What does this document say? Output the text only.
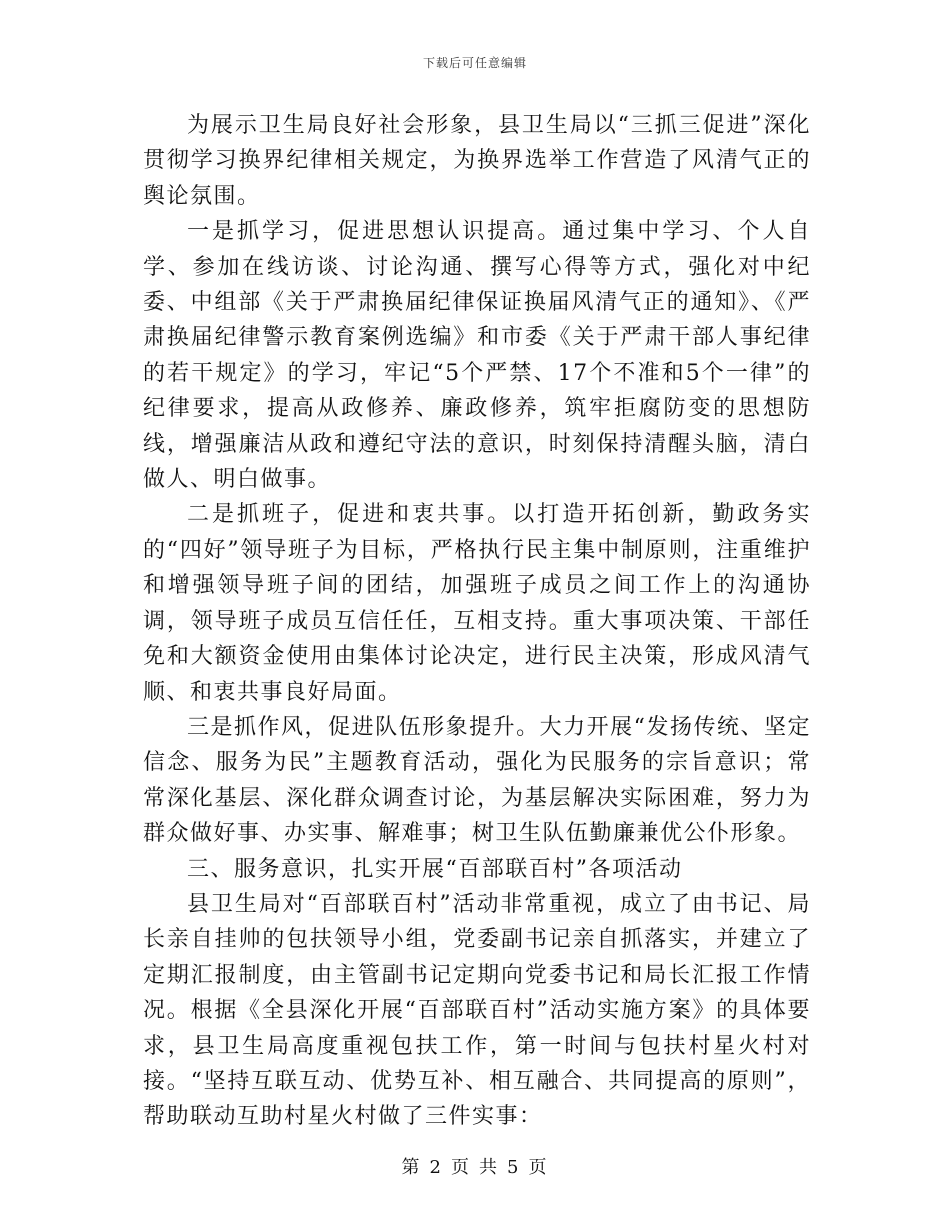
下载后可任意编辑

为展示卫生局良好社会形象，县卫生局以“三抓三促进”深化贯彻学习换界纪律相关规定，为换界选举工作营造了风清气正的舆论氛围。

一是抓学习，促进思想认识提高。通过集中学习、个人自学、参加在线访谈、讨论沟通、撰写心得等方式，强化对中纪委、中组部《关于严肃换届纪律保证换届风清气正的通知》、《严肃换届纪律警示教育案例选编》和市委《关于严肃干部人事纪律的若干规定》的学习，牢记“5个严禁、17个不准和5个一律”的纪律要求，提高从政修养、廉政修养，筑牢拒腐防变的思想防线，增强廉洁从政和遵纪守法的意识，时刻保持清醒头脑，清白做人、明白做事。

二是抓班子，促进和衷共事。以打造开拓创新，勤政务实的“四好”领导班子为目标，严格执行民主集中制原则，注重维护和增强领导班子间的团结，加强班子成员之间工作上的沟通协调，领导班子成员互信任任，互相支持。重大事项决策、干部任免和大额资金使用由集体讨论决定，进行民主决策，形成风清气顺、和衷共事良好局面。

三是抓作风，促进队伍形象提升。大力开展“发扬传统、坚定信念、服务为民”主题教育活动，强化为民服务的宗旨意识；常常深化基层、深化群众调查讨论，为基层解决实际困难，努力为群众做好事、办实事、解难事；树卫生队伍勤廉兼优公仆形象。

三、服务意识，扎实开展“百部联百村”各项活动

县卫生局对“百部联百村”活动非常重视，成立了由书记、局长亲自挂帅的包扶领导小组，党委副书记亲自抓落实，并建立了定期汇报制度，由主管副书记定期向党委书记和局长汇报工作情况。根据《全县深化开展“百部联百村”活动实施方案》的具体要求，县卫生局高度重视包扶工作，第一时间与包扶村星火村对接。“坚持互联互动、优势互补、相互融合、共同提高的原则”，帮助联动互助村星火村做了三件实事：

第 2 页 共 5 页
